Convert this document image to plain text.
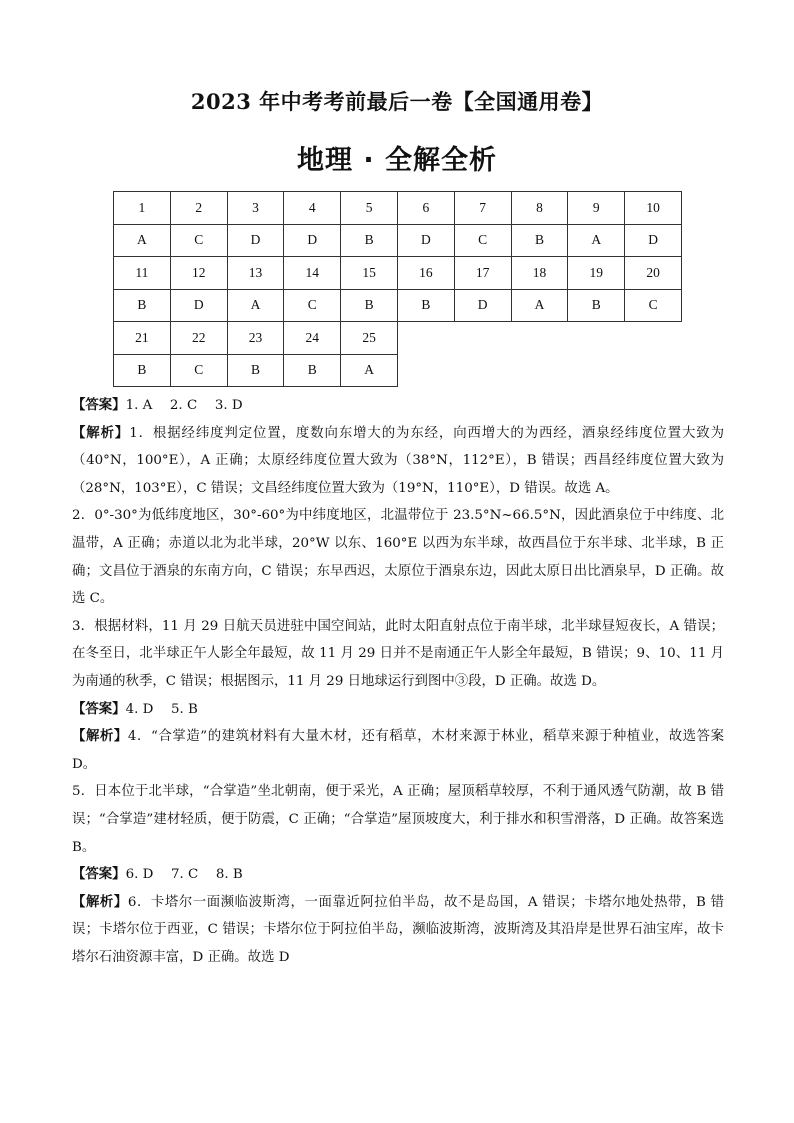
2023 年中考考前最后一卷【全国通用卷】
地理 · 全解全析
1	2	3	4	5	6	7	8	9	10
A	C	D	D	B	D	C	B	A	D
11	12	13	14	15	16	17	18	19	20
B	D	A	C	B	B	D	A	B	C
21	22	23	24	25					
B	C	B	B	A					

【答案】1. A　 2. C　 3. D

【解析】1．根据经纬度判定位置，度数向东增大的为东经，向西增大的为西经，酒泉经纬度位置大致为（40°N，100°E），A 正确；太原经纬度位置大致为（38°N，112°E），B 错误；西昌经纬度位置大致为（28°N，103°E），C 错误；文昌经纬度位置大致为（19°N，110°E），D 错误。故选 A。

2．0°-30°为低纬度地区，30°-60°为中纬度地区，北温带位于 23.5°N~66.5°N，因此酒泉位于中纬度、北温带，A 正确；赤道以北为北半球，20°W 以东、160°E 以西为东半球，故西昌位于东半球、北半球，B 正确；文昌位于酒泉的东南方向，C 错误；东早西迟，太原位于酒泉东边，因此太原日出比酒泉早，D 正确。故选 C。

3．根据材料，11 月 29 日航天员进驻中国空间站，此时太阳直射点位于南半球，北半球昼短夜长，A 错误；在冬至日，北半球正午人影全年最短，故 11 月 29 日并不是南通正午人影全年最短，B 错误；9、10、11 月为南通的秋季，C 错误；根据图示，11 月 29 日地球运行到图中③段，D 正确。故选 D。

【答案】4. D　 5. B

【解析】4．“合掌造”的建筑材料有大量木材，还有稻草，木材来源于林业，稻草来源于种植业，故选答案 D。

5．日本位于北半球，“合掌造”坐北朝南，便于采光，A 正确；屋顶稻草较厚，不利于通风透气防潮，故 B 错误；“合掌造”建材轻质，便于防震，C 正确；“合掌造”屋顶坡度大，利于排水和积雪滑落，D 正确。故答案选 B。

【答案】6. D　 7. C　 8. B

【解析】6．卡塔尔一面濒临波斯湾，一面靠近阿拉伯半岛，故不是岛国，A 错误；卡塔尔地处热带，B 错误；卡塔尔位于西亚，C 错误；卡塔尔位于阿拉伯半岛，濒临波斯湾，波斯湾及其沿岸是世界石油宝库，故卡塔尔石油资源丰富，D 正确。故选 D
